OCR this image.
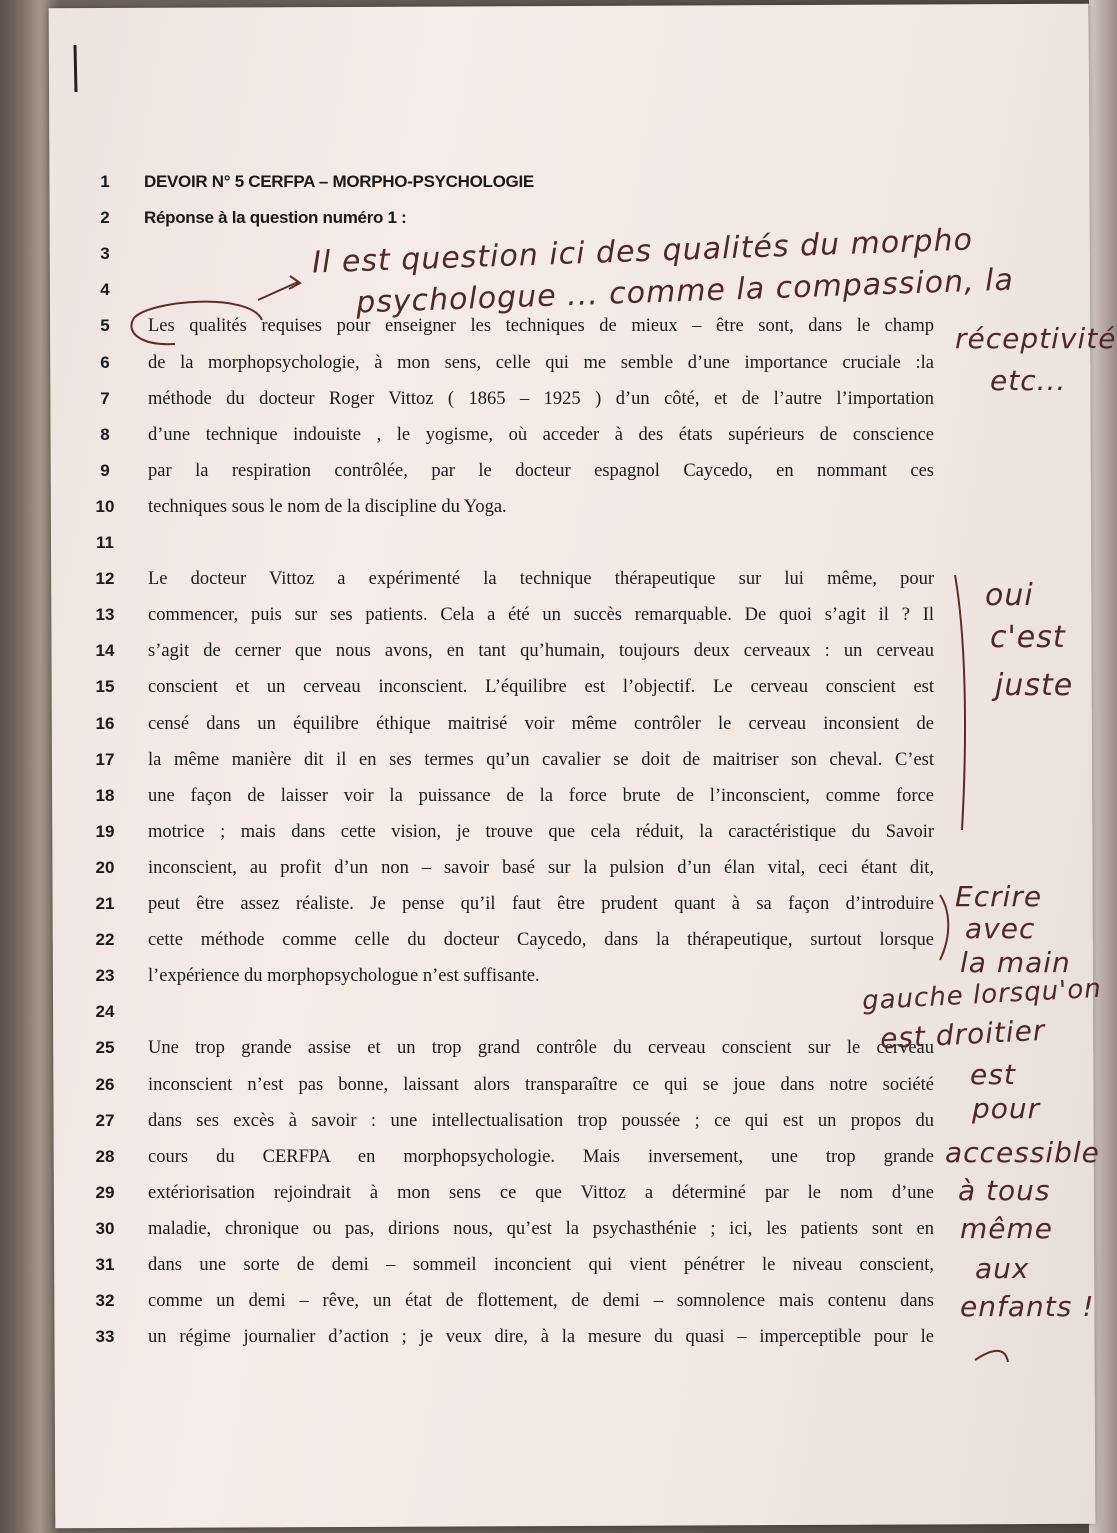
ﾠ
1	DEVOIR N° 5 CERFPA – MORPHO-PSYCHOLOGIE
2	Réponse à la question numéro 1 :
3
4
5	Les qualités requises pour enseigner les techniques de mieux – être sont, dans le champ
6	de la morphopsychologie, à mon sens, celle qui me semble d’une importance cruciale :la
7	méthode du docteur Roger Vittoz ( 1865 – 1925 ) d’un côté, et de l’autre l’importation
8	d’une technique indouiste , le yogisme, où acceder à des états supérieurs de conscience
9	par la respiration contrôlée, par le docteur espagnol Caycedo, en nommant ces
10	techniques sous le nom de la discipline du Yoga.
11
12	Le docteur Vittoz a expérimenté la technique thérapeutique sur lui même, pour
13	commencer, puis sur ses patients. Cela a été un succès remarquable. De quoi s’agit il ? Il
14	s’agit de cerner que nous avons, en tant qu’humain, toujours deux cerveaux : un cerveau
15	conscient et un cerveau inconscient. L’équilibre est l’objectif. Le cerveau conscient est
16	censé dans un équilibre éthique maitrisé voir même contrôler le cerveau inconsient de
17	la même manière dit il en ses termes qu’un cavalier se doit de maitriser son cheval. C’est
18	une façon de laisser voir la puissance de la force brute de l’inconscient, comme force
19	motrice ; mais dans cette vision, je trouve que cela réduit, la caractéristique du Savoir
20	inconscient, au profit d’un non – savoir basé sur la pulsion d’un élan vital, ceci étant dit,
21	peut être assez réaliste. Je pense qu’il faut être prudent quant à sa façon d’introduire
22	cette méthode comme celle du docteur Caycedo, dans la thérapeutique, surtout lorsque
23	l’expérience du morphopsychologue n’est suffisante.
24
25	Une trop grande assise et un trop grand contrôle du cerveau conscient sur le cerveau
26	inconscient n’est pas bonne, laissant alors transparaître ce qui se joue dans notre société
27	dans ses excès à savoir : une intellectualisation trop poussée ; ce qui est un propos du
28	cours du CERFPA en morphopsychologie. Mais inversement, une trop grande
29	extériorisation rejoindrait à mon sens ce que Vittoz a déterminé par le nom d’une
30	maladie, chronique ou pas, dirions nous, qu’est la psychasthénie ; ici, les patients sont en
31	dans une sorte de demi – sommeil inconcient qui vient pénétrer le niveau conscient,
32	comme un demi – rêve, un état de flottement, de demi – somnolence mais contenu dans
33	un régime journalier d’action ; je veux dire, à la mesure du quasi – imperceptible pour le
Il est question ici des qualités du morpho
psychologue ... comme la compassion, la
réceptivité
etc...
oui
c'est
juste
Ecrire
avec
la main
gauche lorsqu'on
est droitier
est
pour
accessible
à tous
même
aux
enfants !
